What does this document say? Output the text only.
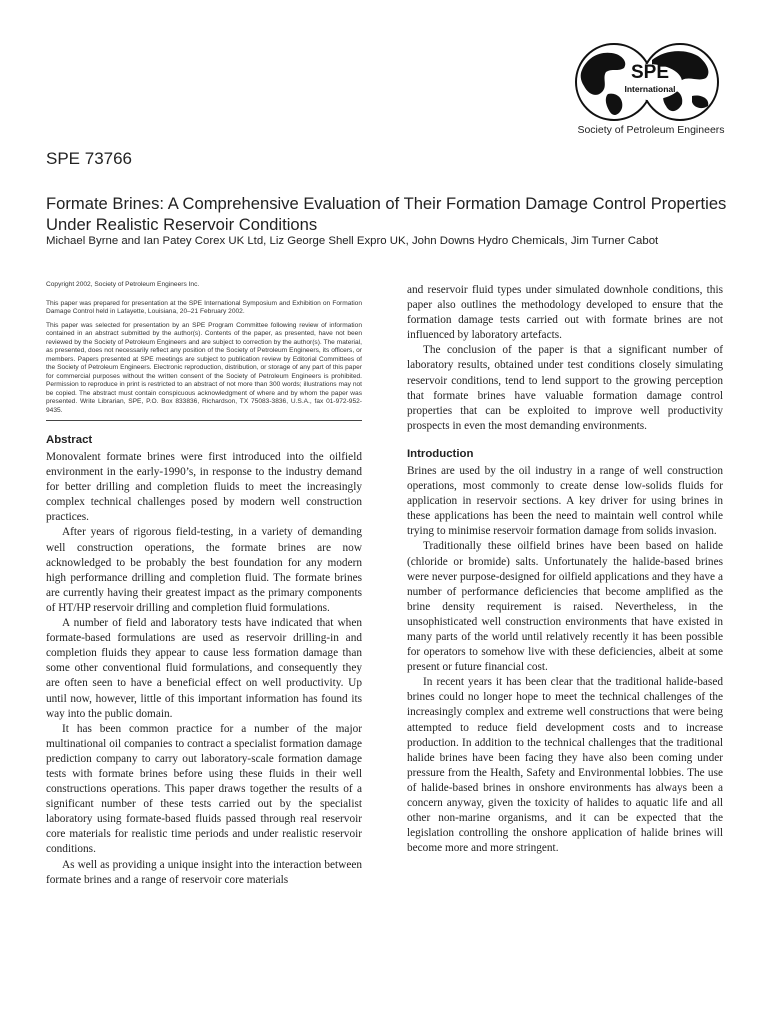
SPE
International
Society of Petroleum Engineers
SPE 73766
Formate Brines: A Comprehensive Evaluation of Their Formation Damage Control Properties Under Realistic Reservoir Conditions
Michael Byrne and Ian Patey Corex UK Ltd, Liz George Shell Expro UK, John Downs Hydro Chemicals, Jim Turner Cabot

Copyright 2002, Society of Petroleum Engineers Inc.

This paper was prepared for presentation at the SPE International Symposium and Exhibition on Formation Damage Control held in Lafayette, Louisiana, 20–21 February 2002.

This paper was selected for presentation by an SPE Program Committee following review of information contained in an abstract submitted by the author(s). Contents of the paper, as presented, have not been reviewed by the Society of Petroleum Engineers and are subject to correction by the author(s). The material, as presented, does not necessarily reflect any position of the Society of Petroleum Engineers, its officers, or members. Papers presented at SPE meetings are subject to publication review by Editorial Committees of the Society of Petroleum Engineers. Electronic reproduction, distribution, or storage of any part of this paper for commercial purposes without the written consent of the Society of Petroleum Engineers is prohibited. Permission to reproduce in print is restricted to an abstract of not more than 300 words; illustrations may not be copied. The abstract must contain conspicuous acknowledgment of where and by whom the paper was presented. Write Librarian, SPE, P.O. Box 833836, Richardson, TX 75083-3836, U.S.A., fax 01-972-952-9435.

Abstract

Monovalent formate brines were first introduced into the oilfield environment in the early-1990’s, in response to the industry demand for better drilling and completion fluids to meet the increasingly complex technical challenges posed by modern well construction practices.

After years of rigorous field-testing, in a variety of demanding well construction operations, the formate brines are now acknowledged to be probably the best foundation for any modern high performance drilling and completion fluid. The formate brines are currently having their greatest impact as the primary components of HT/HP reservoir drilling and completion fluid formulations.

A number of field and laboratory tests have indicated that when formate-based formulations are used as reservoir drilling-in and completion fluids they appear to cause less formation damage than some other conventional fluid formulations, and consequently they are often seen to have a beneficial effect on well productivity. Up until now, however, little of this important information has found its way into the public domain.

It has been common practice for a number of the major multinational oil companies to contract a specialist formation damage prediction company to carry out laboratory-scale formation damage tests with formate brines before using these fluids in their well constructions operations. This paper draws together the results of a significant number of these tests carried out by the specialist laboratory using formate-based fluids passed through real reservoir core materials for realistic time periods and under realistic reservoir conditions.

As well as providing a unique insight into the interaction between formate brines and a range of reservoir core materials

and reservoir fluid types under simulated downhole conditions, this paper also outlines the methodology developed to ensure that the formation damage tests carried out with formate brines are not influenced by laboratory artefacts.

The conclusion of the paper is that a significant number of laboratory results, obtained under test conditions closely simulating reservoir conditions, tend to lend support to the growing perception that formate brines have valuable formation damage control properties that can be exploited to improve well productivity prospects in even the most demanding environments.

Introduction

Brines are used by the oil industry in a range of well construction operations, most commonly to create dense low-solids fluids for application in reservoir sections. A key driver for using brines in these applications has been the need to maintain well control while trying to minimise reservoir formation damage from solids invasion.

Traditionally these oilfield brines have been based on halide (chloride or bromide) salts. Unfortunately the halide-based brines were never purpose-designed for oilfield applications and they have a number of performance deficiencies that become amplified as the brine density requirement is raised. Nevertheless, in the unsophisticated well construction environments that have existed in many parts of the world until relatively recently it has been possible for operators to somehow live with these deficiencies, albeit at some present or future financial cost.

In recent years it has been clear that the traditional halide-based brines could no longer hope to meet the technical challenges of the increasingly complex and extreme well constructions that were being attempted to reduce field development costs and to increase production. In addition to the technical challenges that the traditional halide brines have been facing they have also been coming under pressure from the Health, Safety and Environmental lobbies. The use of halide-based brines in onshore environments has always been a concern anyway, given the toxicity of halides to aquatic life and all other non-marine organisms, and it can be expected that the legislation controlling the onshore application of halide brines will become more and more stringent.
